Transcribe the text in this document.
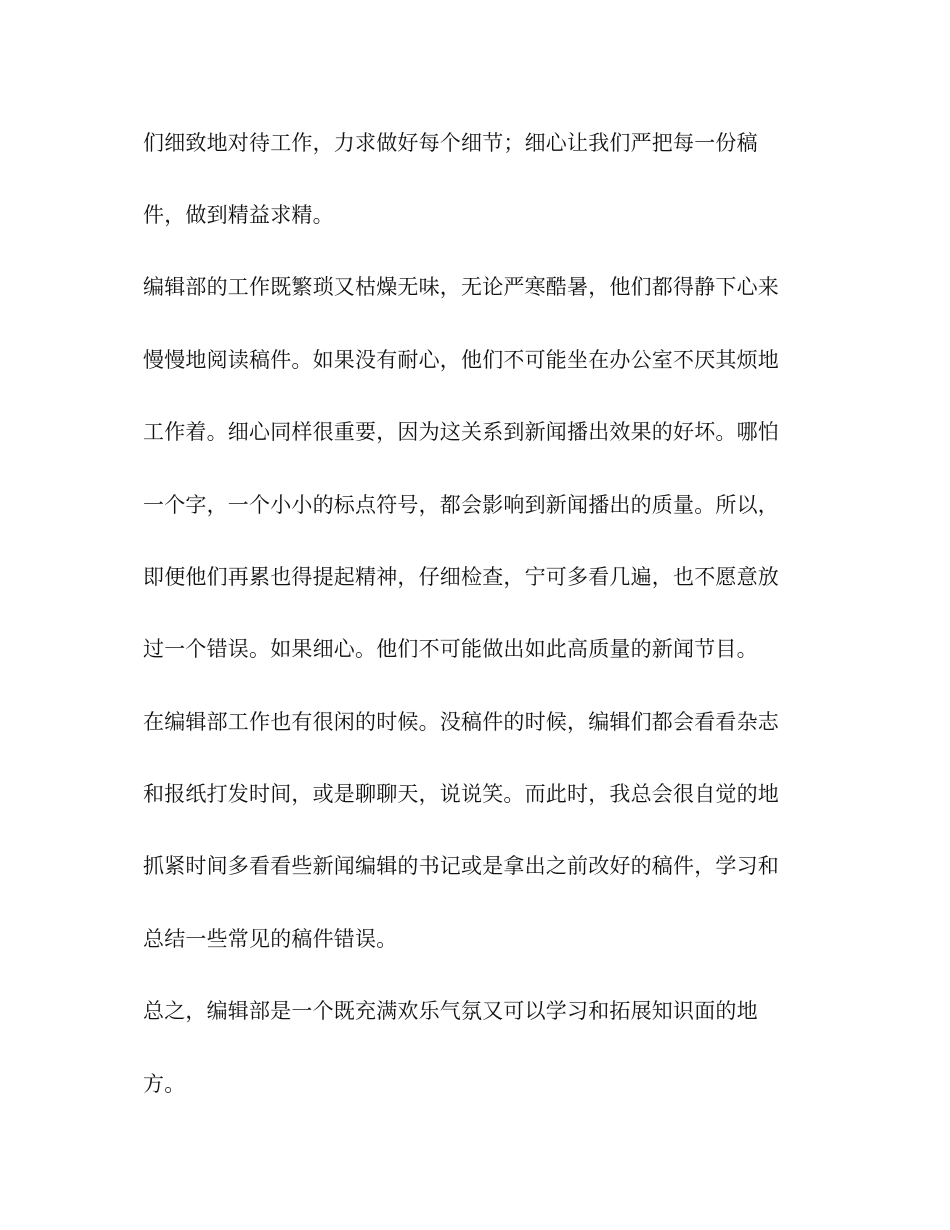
们细致地对待工作，力求做好每个细节；细心让我们严把每一份稿
件，做到精益求精。
编辑部的工作既繁琐又枯燥无味，无论严寒酷暑，他们都得静下心来
慢慢地阅读稿件。如果没有耐心，他们不可能坐在办公室不厌其烦地
工作着。细心同样很重要，因为这关系到新闻播出效果的好坏。哪怕
一个字，一个小小的标点符号，都会影响到新闻播出的质量。所以，
即便他们再累也得提起精神，仔细检查，宁可多看几遍，也不愿意放
过一个错误。如果细心。他们不可能做出如此高质量的新闻节目。
在编辑部工作也有很闲的时候。没稿件的时候，编辑们都会看看杂志
和报纸打发时间，或是聊聊天，说说笑。而此时，我总会很自觉的地
抓紧时间多看看些新闻编辑的书记或是拿出之前改好的稿件，学习和
总结一些常见的稿件错误。
总之，编辑部是一个既充满欢乐气氛又可以学习和拓展知识面的地
方。
